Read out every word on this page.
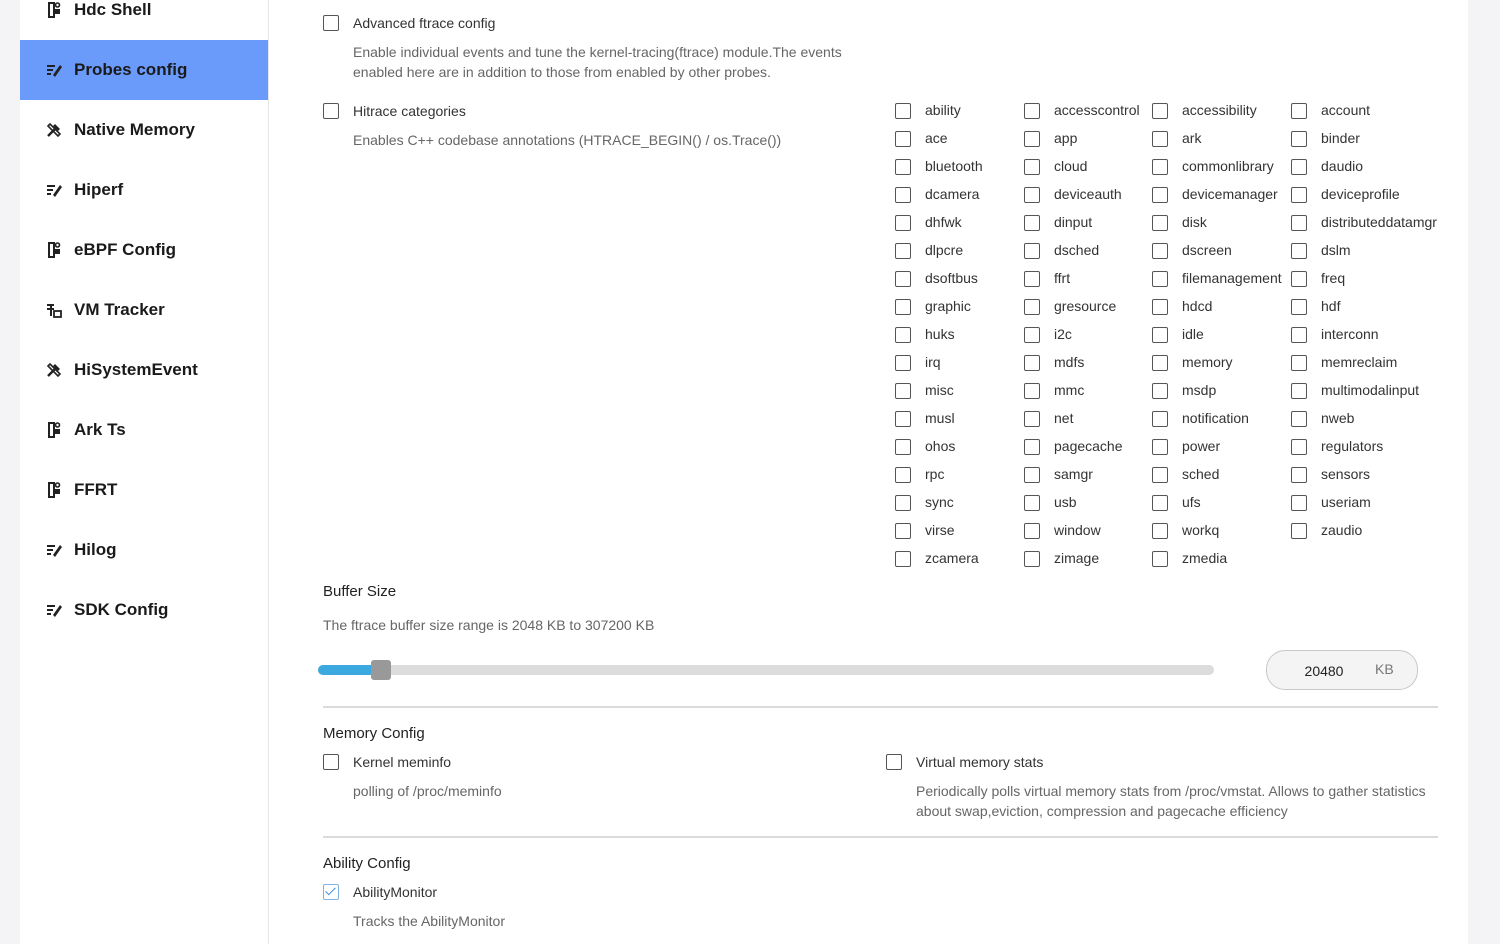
Hdc Shell
Probes config
Native Memory
Hiperf
eBPF Config
VM Tracker
HiSystemEvent
Ark Ts
FFRT
Hilog
SDK Config
Advanced ftrace config
Enable individual events and tune the kernel-tracing(ftrace) module.The events
enabled here are in addition to those from enabled by other probes.
Hitrace categories
Enables C++ codebase annotations (HTRACE_BEGIN() / os.Trace())
ability	accesscontrol	accessibility	account
ace	app	ark	binder
bluetooth	cloud	commonlibrary	daudio
dcamera	deviceauth	devicemanager	deviceprofile
dhfwk	dinput	disk	distributeddatamgr
dlpcre	dsched	dscreen	dslm
dsoftbus	ffrt	filemanagement	freq
graphic	gresource	hdcd	hdf
huks	i2c	idle	interconn
irq	mdfs	memory	memreclaim
misc	mmc	msdp	multimodalinput
musl	net	notification	nweb
ohos	pagecache	power	regulators
rpc	samgr	sched	sensors
sync	usb	ufs	useriam
virse	window	workq	zaudio
zcamera	zimage	zmedia
Buffer Size
The ftrace buffer size range is 2048 KB to 307200 KB
20480
KB
Memory Config
Kernel meminfo
polling of /proc/meminfo
Virtual memory stats
Periodically polls virtual memory stats from /proc/vmstat. Allows to gather statistics
about swap,eviction, compression and pagecache efficiency
Ability Config
AbilityMonitor
Tracks the AbilityMonitor
